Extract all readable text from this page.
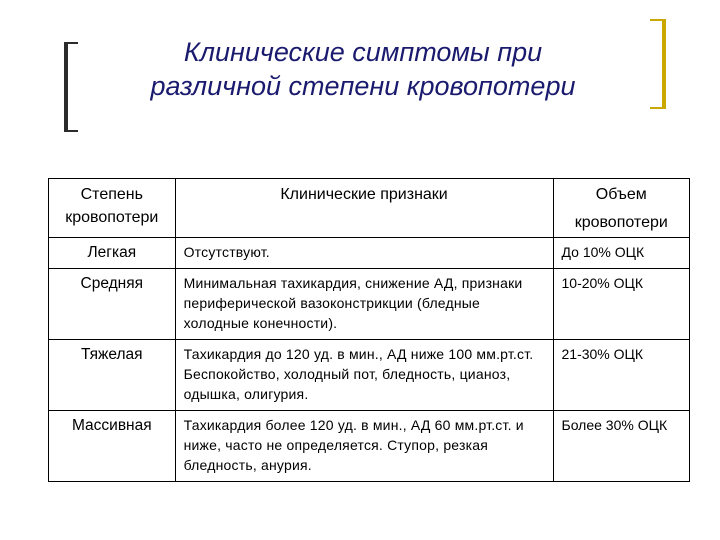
Клинические симптомы при
различной степени кровопотери
Степень кровопотери	Клинические признаки	Объем кровопотери
Легкая	Отсутствуют.	До 10% ОЦК
Средняя	Минимальная тахикардия, снижение АД, признаки периферической вазоконстрикции (бледные холодные конечности).	10-20% ОЦК
Тяжелая	Тахикардия до 120 уд. в мин., АД ниже 100 мм.рт.ст. Беспокойство, холодный пот, бледность, цианоз, одышка, олигурия.	21-30% ОЦК
Массивная	Тахикардия более 120 уд. в мин., АД 60 мм.рт.ст. и ниже, часто не определяется. Ступор, резкая бледность, анурия.	Более 30% ОЦК
